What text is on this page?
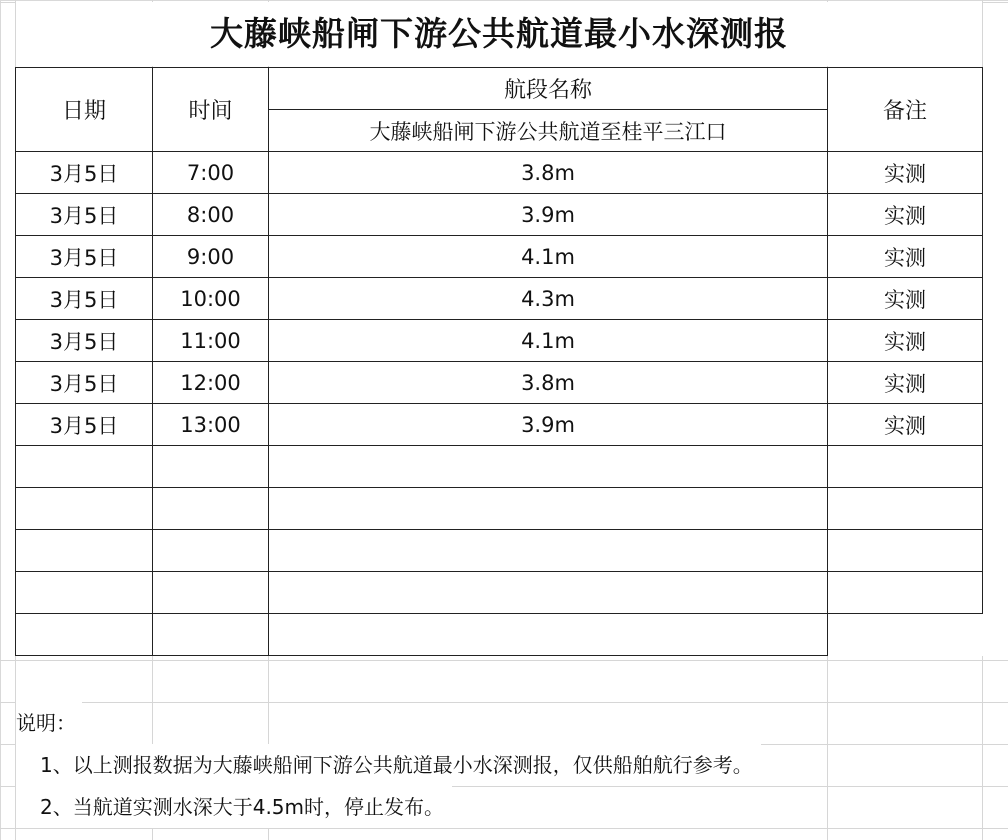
大藤峡船闸下游公共航道最小水深测报
日期	时间	航段名称	备注
		大藤峡船闸下游公共航道至桂平三江口	
3月5日	7:00	3.8m	实测
3月5日	8:00	3.9m	实测
3月5日	9:00	4.1m	实测
3月5日	10:00	4.3m	实测
3月5日	11:00	4.1m	实测
3月5日	12:00	3.8m	实测
3月5日	13:00	3.9m	实测

说明：
1、以上测报数据为大藤峡船闸下游公共航道最小水深测报，仅供船舶航行参考。
2、当航道实测水深大于4.5m时，停止发布。
